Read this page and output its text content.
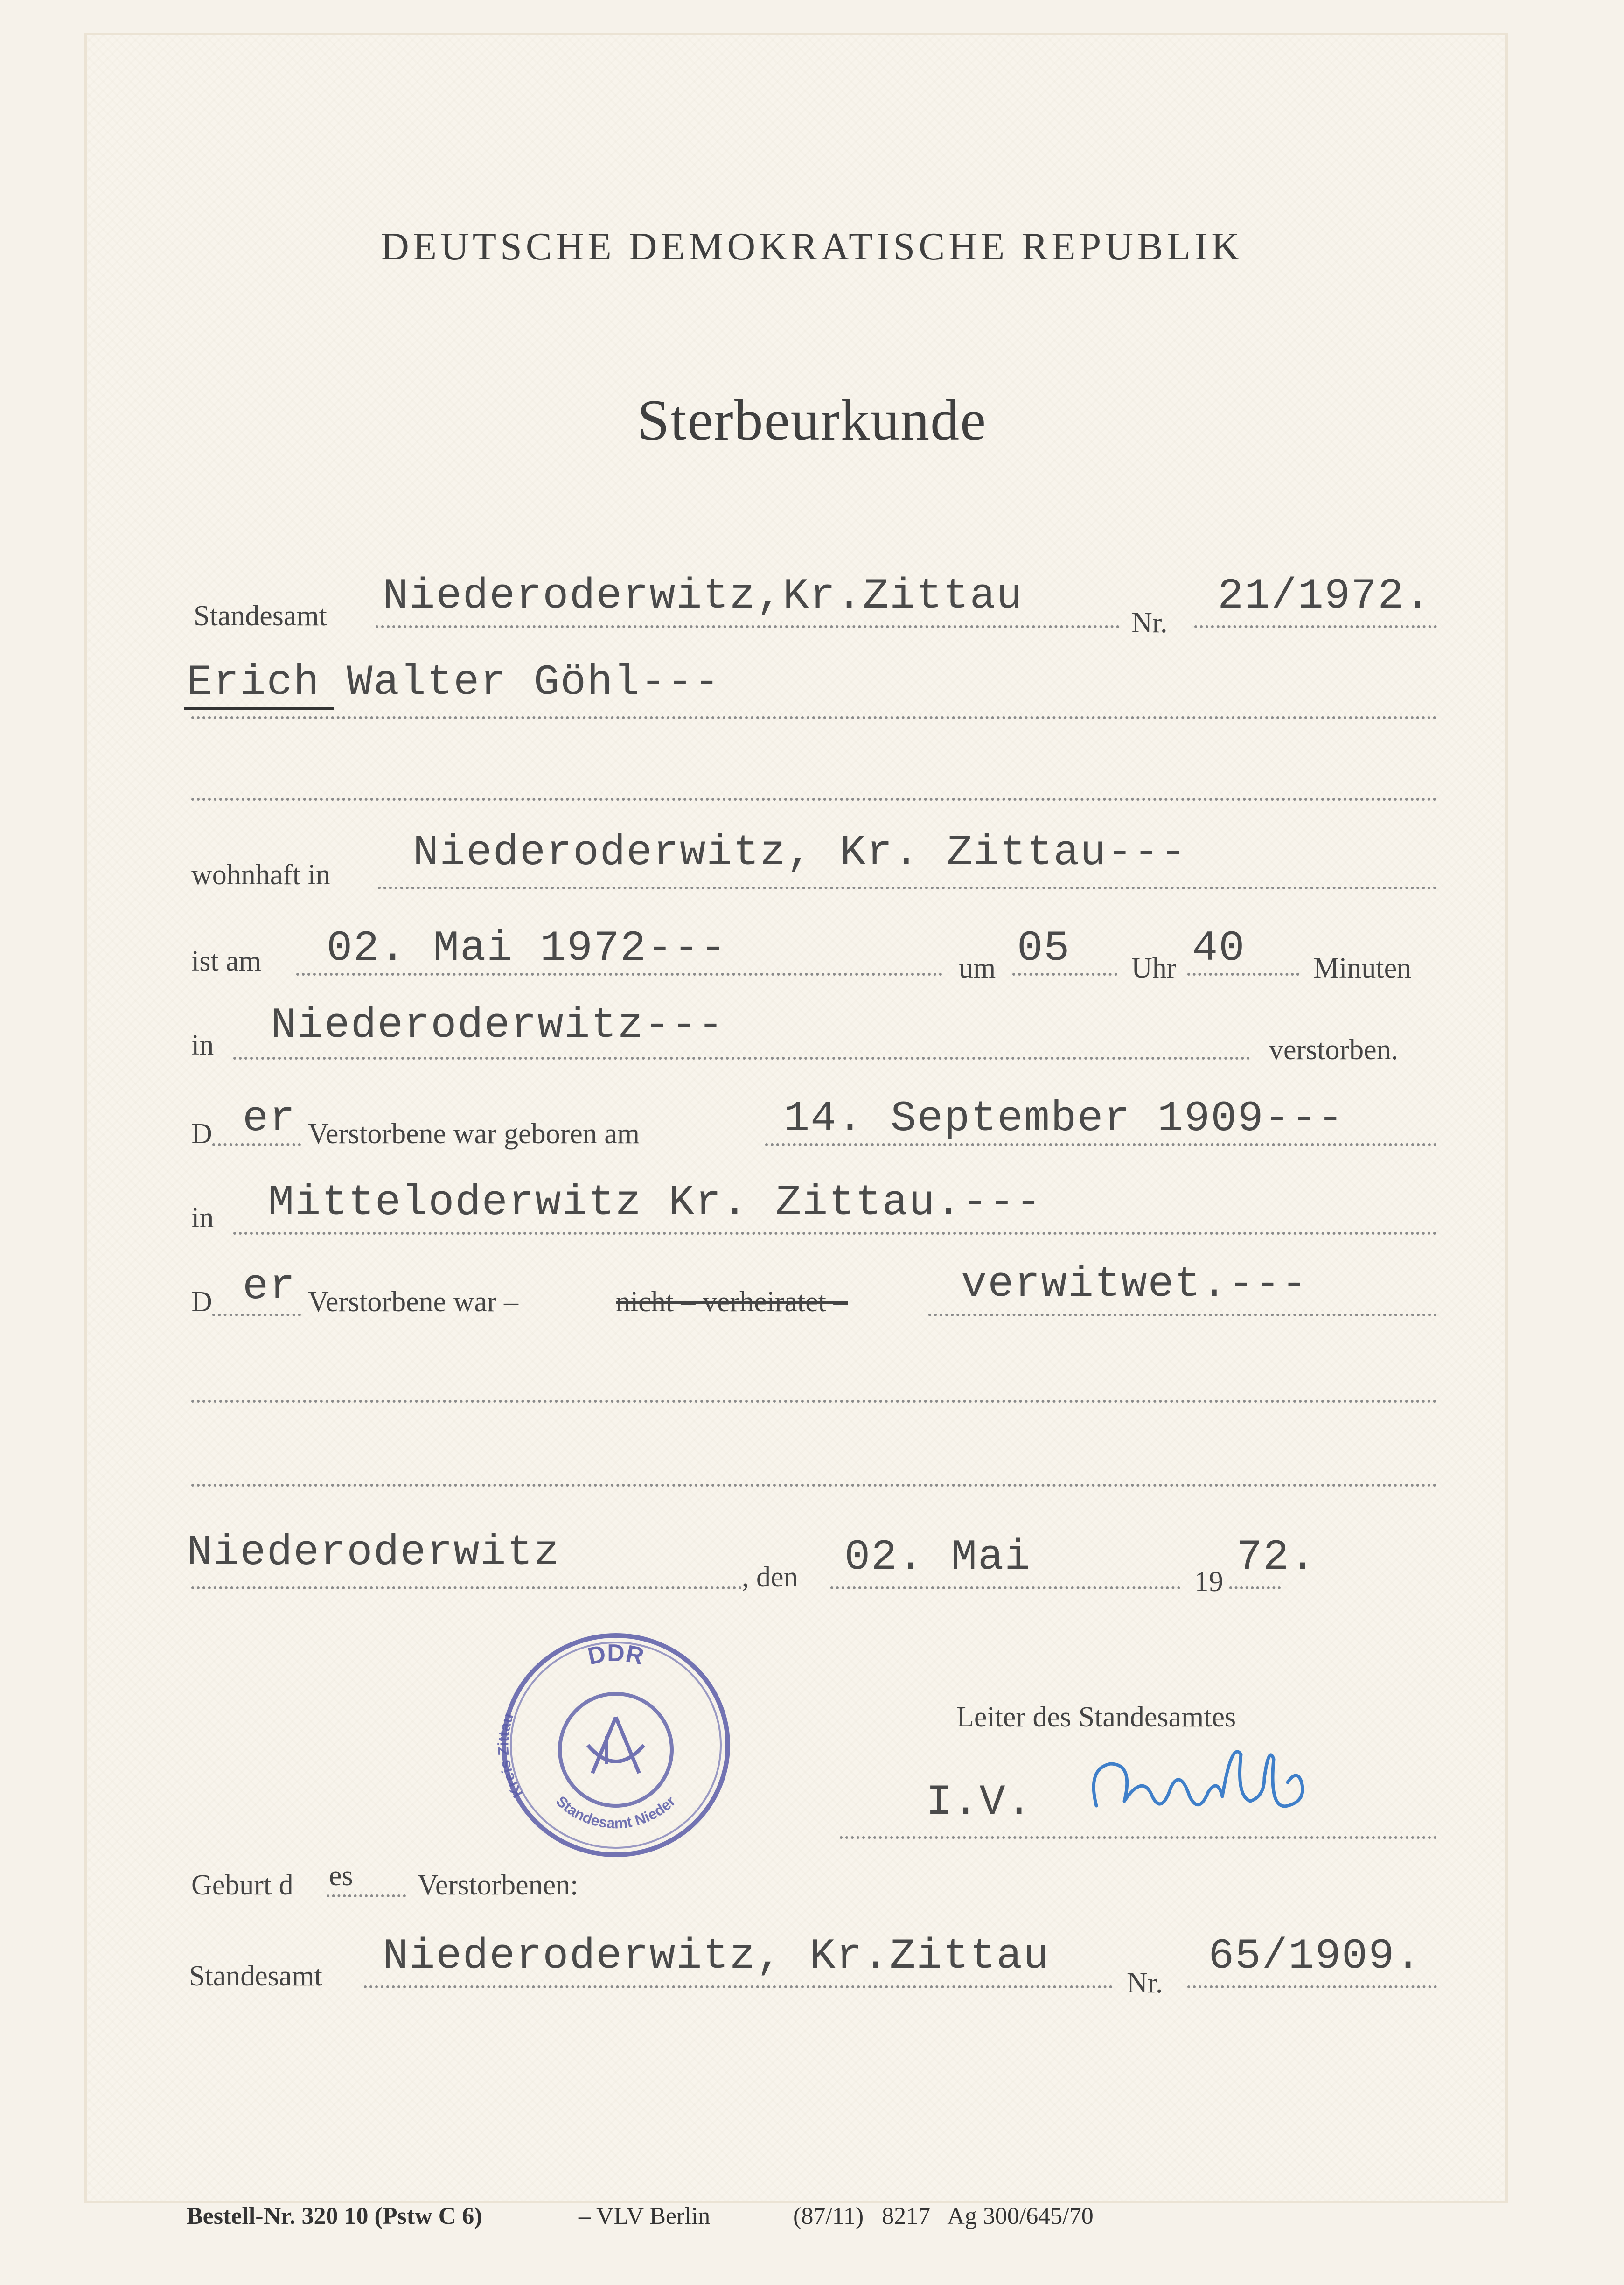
DEUTSCHE DEMOKRATISCHE REPUBLIK
Sterbeurkunde
Standesamt Niederoderwitz,Kr.Zittau
Nr.
21/1972.
Erich Walter Göhl---
wohnhaft in Niederoderwitz, Kr. Zittau---
ist am 02. Mai 1972---	um 05 Uhr 40 Minuten
in Niederoderwitz---	verstorben.
D er Verstorbene war geboren am	14. September 1909---
in Mitteloderwitz Kr. Zittau.---
D er Verstorbene war –	nicht – verheiratet –	verwitwet.---
Niederoderwitz	, den 02. Mai	19 72.
DDR
Kreis Zittau
Standesamt Nieder
Leiter des Standesamtes
I.V.
Geburt d es Verstorbenen:
Standesamt Niederoderwitz, Kr.Zittau
Nr.
65/1909.
Bestell-Nr. 320 10 (Pstw C 6)	– VLV Berlin	(87/11)   8217   Ag 300/645/70
